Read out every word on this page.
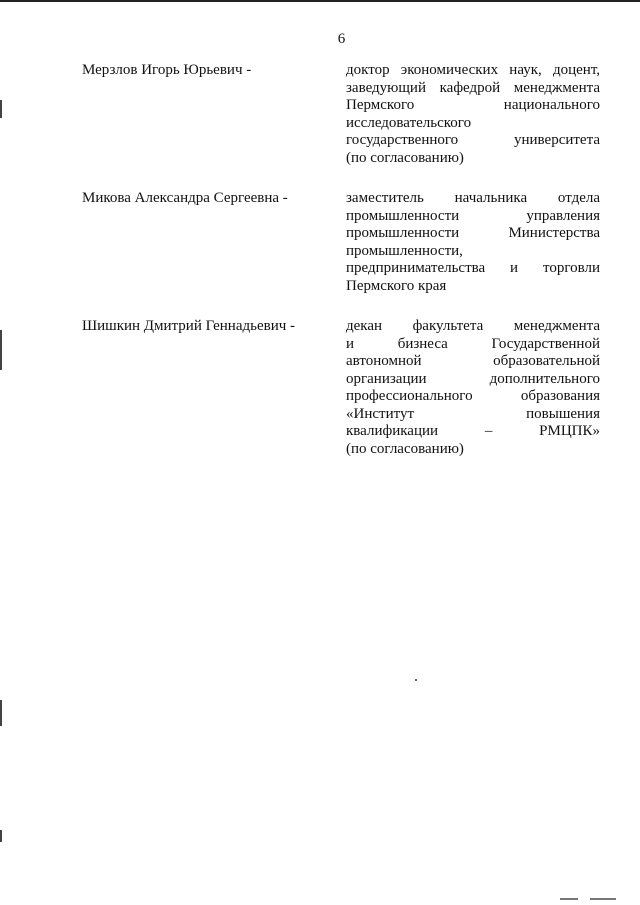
6
Мерзлов Игорь Юрьевич -	доктор экономических наук, доцент,
заведующий кафедрой менеджмента
Пермского национального
исследовательского
государственного университета
(по согласованию)
Микова Александра Сергеевна -	заместитель начальника отдела
промышленности управления
промышленности Министерства
промышленности,
предпринимательства и торговли
Пермского края
Шишкин Дмитрий Геннадьевич -	декан факультета менеджмента
и бизнеса Государственной
автономной образовательной
организации дополнительного
профессионального образования
«Институт повышения
квалификации – РМЦПК»
(по согласованию)
